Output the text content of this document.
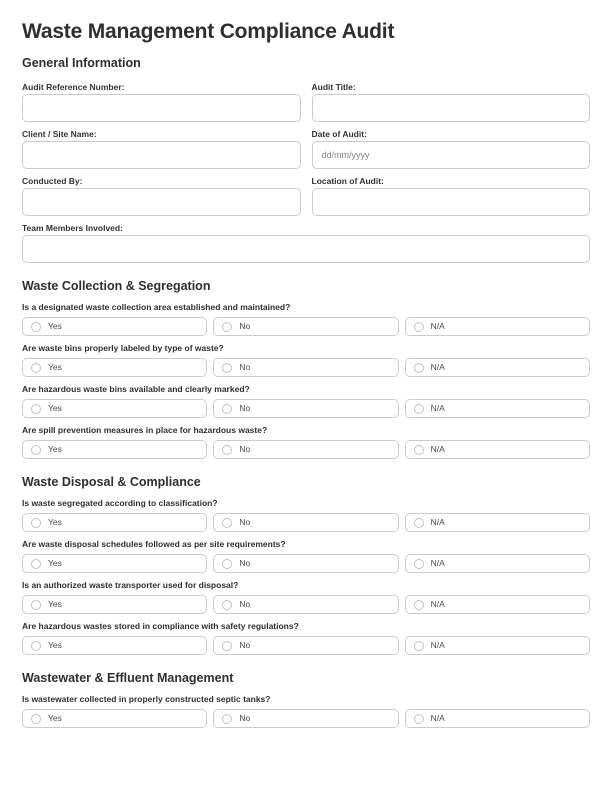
Waste Management Compliance Audit
General Information
Audit Reference Number:	Audit Title:
Client / Site Name:	Date of Audit:
dd/mm/yyyy
Conducted By:	Location of Audit:
Team Members Involved:
Waste Collection & Segregation
Is a designated waste collection area established and maintained?
Yes	No	N/A
Are waste bins properly labeled by type of waste?
Yes	No	N/A
Are hazardous waste bins available and clearly marked?
Yes	No	N/A
Are spill prevention measures in place for hazardous waste?
Yes	No	N/A
Waste Disposal & Compliance
Is waste segregated according to classification?
Yes	No	N/A
Are waste disposal schedules followed as per site requirements?
Yes	No	N/A
Is an authorized waste transporter used for disposal?
Yes	No	N/A
Are hazardous wastes stored in compliance with safety regulations?
Yes	No	N/A
Wastewater & Effluent Management
Is wastewater collected in properly constructed septic tanks?
Yes	No	N/A
